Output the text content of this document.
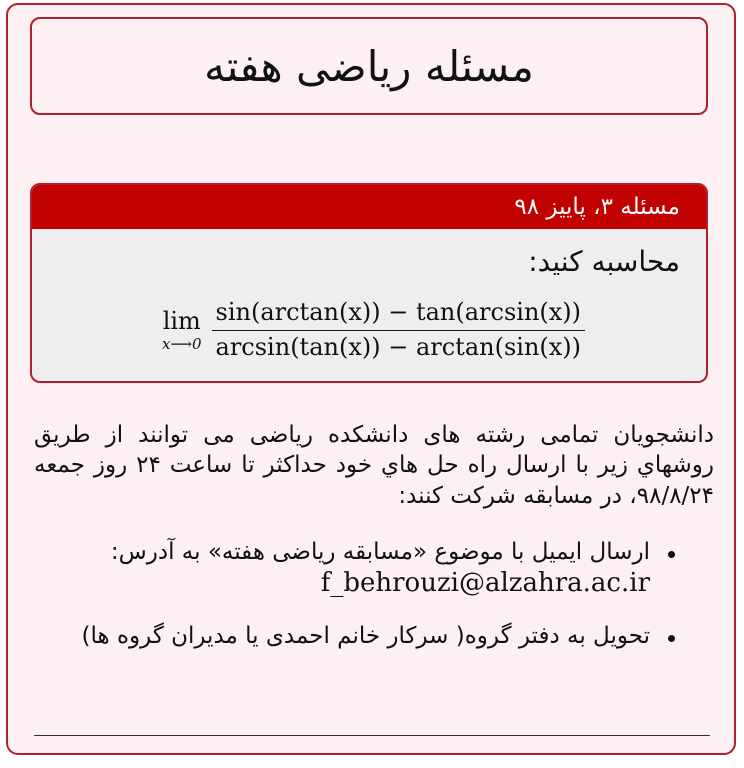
مسئله رياضی هفته
مسئله ۳، پاییز ۹۸
محاسبه کنید:
lim
x⟶0 $\frac{\sin(\arctan(x)) - \tan(\arcsin(x))}{\arcsin(\tan(x)) - \arctan(\sin(x))}$
دانشجویان تمامی رشته های دانشکده ریاضی می توانند از طریق روشهاي زیر با ارسال راه حل هاي خود حداکثر تا ساعت ۲۴ روز جمعه ۹۸/۸/۲۴، در مسابقه شرکت کنند:
ارسال ایمیل با موضوع «مسابقه ریاضی هفته» به آدرس:
f_behrouzi@alzahra.ac.ir
تحویل به دفتر گروه( سرکار خانم احمدی یا مدیران گروه ها)
